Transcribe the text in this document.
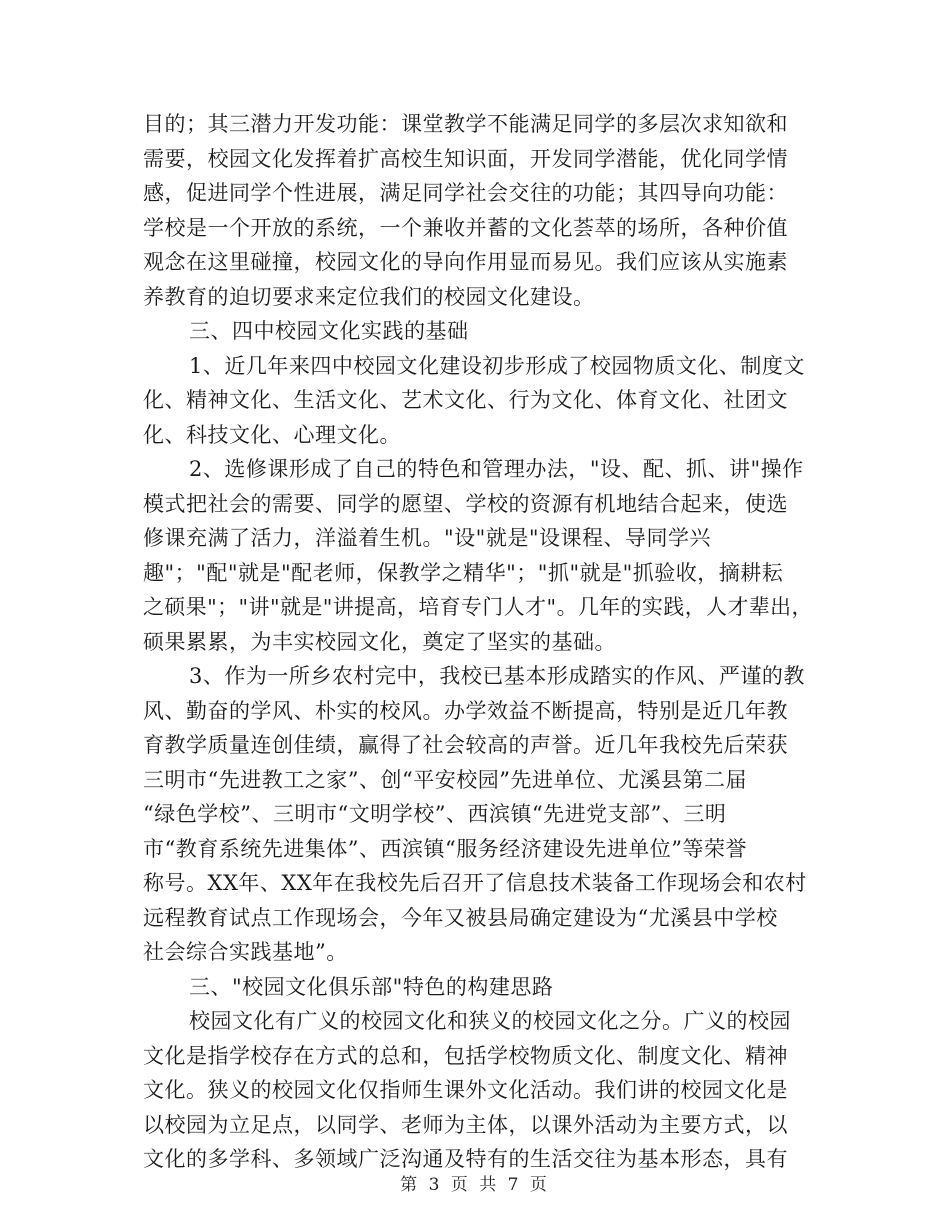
目的；其三潜力开发功能：课堂教学不能满足同学的多层次求知欲和
需要，校园文化发挥着扩高校生知识面，开发同学潜能，优化同学情
感，促进同学个性进展，满足同学社会交往的功能；其四导向功能：
学校是一个开放的系统，一个兼收并蓄的文化荟萃的场所，各种价值
观念在这里碰撞，校园文化的导向作用显而易见。我们应该从实施素
养教育的迫切要求来定位我们的校园文化建设。
三、四中校园文化实践的基础
1、近几年来四中校园文化建设初步形成了校园物质文化、制度文
化、精神文化、生活文化、艺术文化、行为文化、体育文化、社团文
化、科技文化、心理文化。
2、选修课形成了自己的特色和管理办法，"设、配、抓、讲"操作
模式把社会的需要、同学的愿望、学校的资源有机地结合起来，使选
修课充满了活力，洋溢着生机。"设"就是"设课程、导同学兴
趣"；"配"就是"配老师，保教学之精华"；"抓"就是"抓验收，摘耕耘
之硕果"；"讲"就是"讲提高，培育专门人才"。几年的实践，人才辈出，
硕果累累，为丰实校园文化，奠定了坚实的基础。
3、作为一所乡农村完中，我校已基本形成踏实的作风、严谨的教
风、勤奋的学风、朴实的校风。办学效益不断提高，特别是近几年教
育教学质量连创佳绩，赢得了社会较高的声誉。近几年我校先后荣获
三明市“先进教工之家”、创“平安校园”先进单位、尤溪县第二届
“绿色学校”、三明市“文明学校”、西滨镇“先进党支部”、三明
市“教育系统先进集体”、西滨镇“服务经济建设先进单位”等荣誉
称号。XX年、XX年在我校先后召开了信息技术装备工作现场会和农村
远程教育试点工作现场会，今年又被县局确定建设为“尤溪县中学校
社会综合实践基地”。
三、"校园文化俱乐部"特色的构建思路
校园文化有广义的校园文化和狭义的校园文化之分。广义的校园
文化是指学校存在方式的总和，包括学校物质文化、制度文化、精神
文化。狭义的校园文化仅指师生课外文化活动。我们讲的校园文化是
以校园为立足点，以同学、老师为主体，以课外活动为主要方式，以
文化的多学科、多领域广泛沟通及特有的生活交往为基本形态，具有
第 3 页 共 7 页
